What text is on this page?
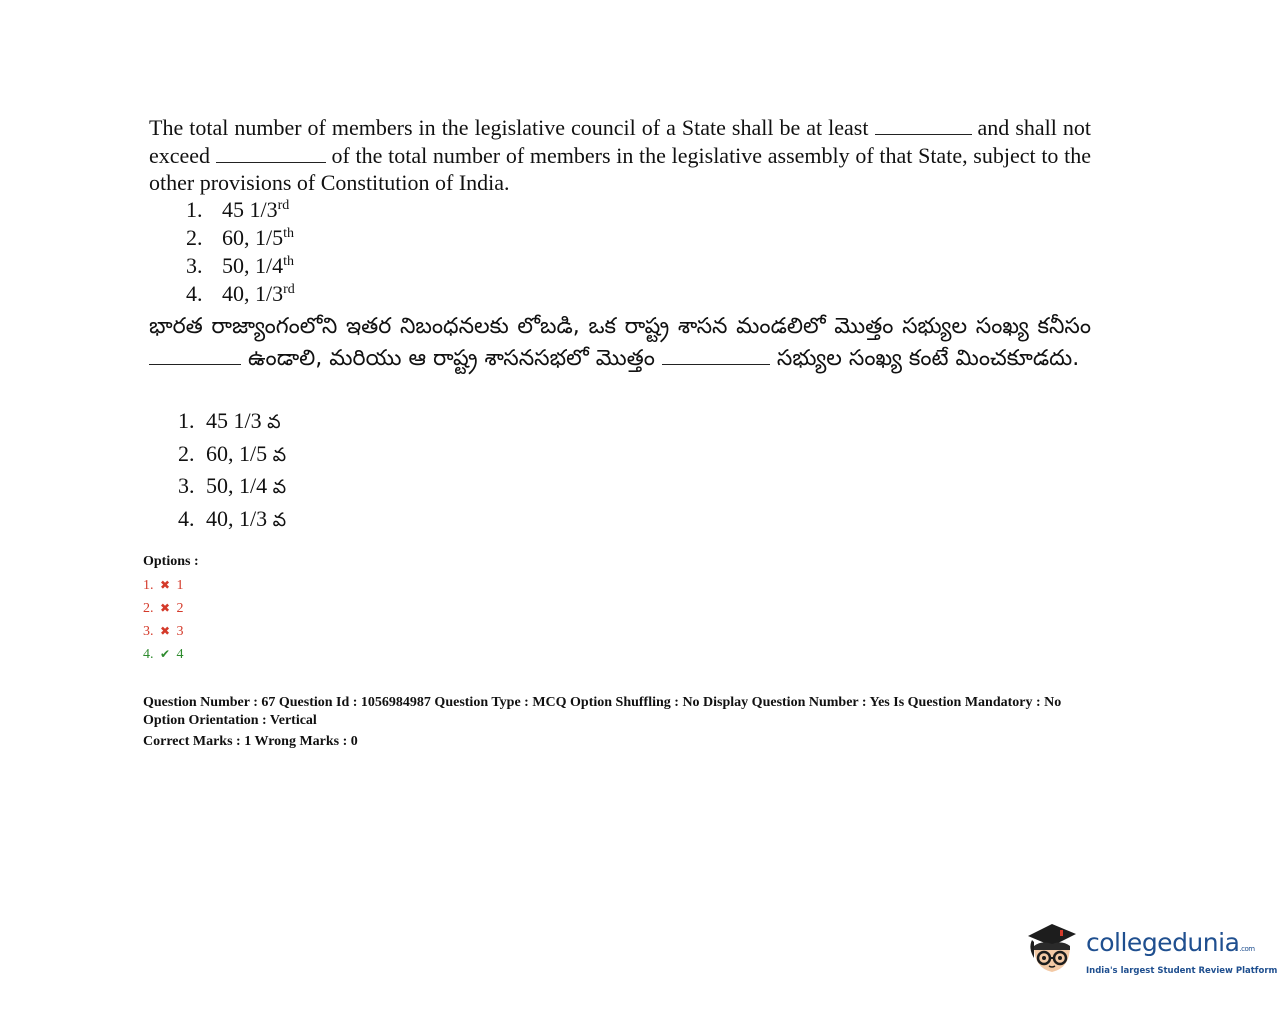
The total number of members in the legislative council of a State shall be at least	and shall not exceed	of the total number of members in the legislative assembly of that State, subject to the other provisions of Constitution of India.
1. 45 1/3rd
2. 60, 1/5th
3. 50, 1/4th
4. 40, 1/3rd
భారత రాజ్యాంగంలోని ఇతర నిబంధనలకు లోబడి, ఒక రాష్ట్ర శాసన మండలిలో మొత్తం సభ్యుల సంఖ్య కనీసం  ఉండాలి, మరియు ఆ రాష్ట్ర శాసనసభలో మొత్తం	సభ్యుల సంఖ్య కంటే మించకూడదు.
1. 45 1/3 వ
2. 60, 1/5 వ
3. 50, 1/4 వ
4. 40, 1/3 వ
Options :
1. ✖ 1
2. ✖ 2
3. ✖ 3
4. ✔ 4
Question Number : 67 Question Id : 1056984987 Question Type : MCQ Option Shuffling : No Display Question Number : Yes Is Question Mandatory : No
Option Orientation : Vertical
Correct Marks : 1 Wrong Marks : 0
collegedunia.com
India's largest Student Review Platform
